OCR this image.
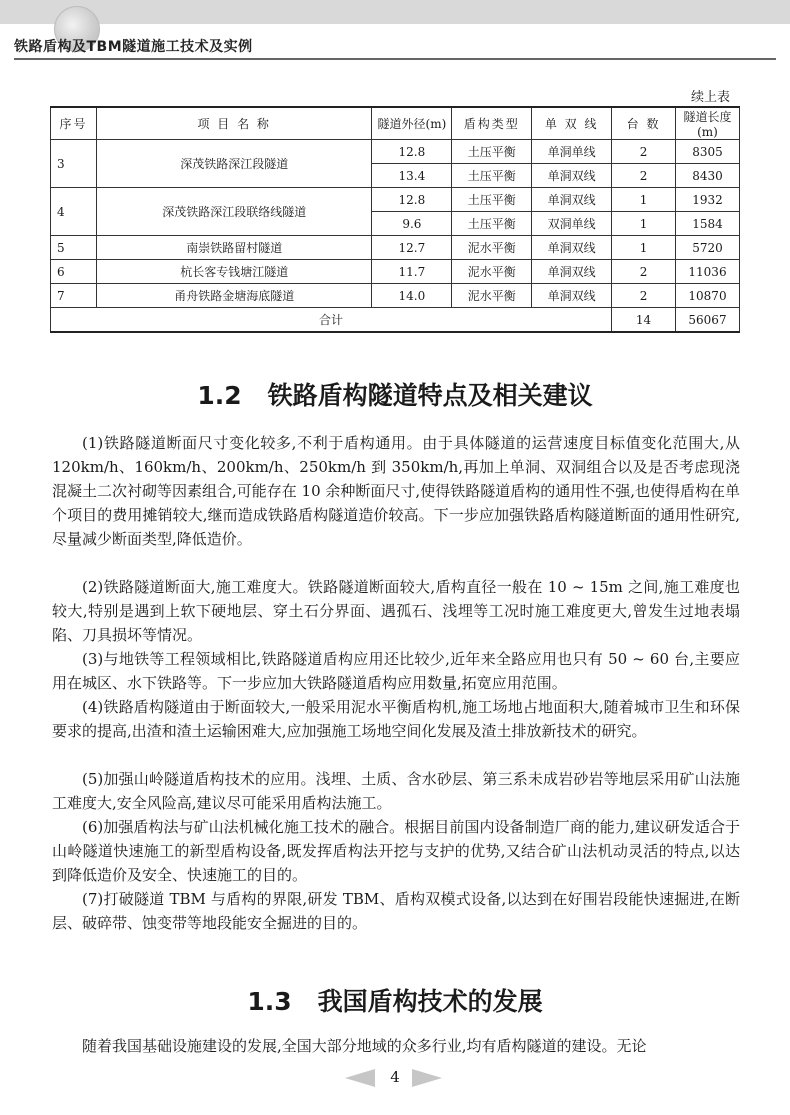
铁路盾构及TBM隧道施工技术及实例
续上表
序号	项 目 名 称	隧道外径(m)	盾构类型	单 双 线	台 数	隧道长度(m)
3	深茂铁路深江段隧道	12.8	土压平衡	单洞单线	2	8305
		13.4	土压平衡	单洞双线	2	8430
4	深茂铁路深江段联络线隧道	12.8	土压平衡	单洞双线	1	1932
		9.6	土压平衡	双洞单线	1	1584
5	南崇铁路留村隧道	12.7	泥水平衡	单洞双线	1	5720
6	杭长客专钱塘江隧道	11.7	泥水平衡	单洞双线	2	11036
7	甬舟铁路金塘海底隧道	14.0	泥水平衡	单洞双线	2	10870
合计					14	56067
1.2 铁路盾构隧道特点及相关建议

(1)铁路隧道断面尺寸变化较多,不利于盾构通用。由于具体隧道的运营速度目标值变化范围大,从 120km/h、160km/h、200km/h、250km/h 到 350km/h,再加上单洞、双洞组合以及是否考虑现浇混凝土二次衬砌等因素组合,可能存在 10 余种断面尺寸,使得铁路隧道盾构的通用性不强,也使得盾构在单个项目的费用摊销较大,继而造成铁路盾构隧道造价较高。下一步应加强铁路盾构隧道断面的通用性研究,尽量减少断面类型,降低造价。

(2)铁路隧道断面大,施工难度大。铁路隧道断面较大,盾构直径一般在 10 ~ 15m 之间,施工难度也较大,特别是遇到上软下硬地层、穿土石分界面、遇孤石、浅埋等工况时施工难度更大,曾发生过地表塌陷、刀具损坏等情况。

(3)与地铁等工程领域相比,铁路隧道盾构应用还比较少,近年来全路应用也只有 50 ~ 60 台,主要应用在城区、水下铁路等。下一步应加大铁路隧道盾构应用数量,拓宽应用范围。

(4)铁路盾构隧道由于断面较大,一般采用泥水平衡盾构机,施工场地占地面积大,随着城市卫生和环保要求的提高,出渣和渣土运输困难大,应加强施工场地空间化发展及渣土排放新技术的研究。

(5)加强山岭隧道盾构技术的应用。浅埋、土质、含水砂层、第三系未成岩砂岩等地层采用矿山法施工难度大,安全风险高,建议尽可能采用盾构法施工。

(6)加强盾构法与矿山法机械化施工技术的融合。根据目前国内设备制造厂商的能力,建议研发适合于山岭隧道快速施工的新型盾构设备,既发挥盾构法开挖与支护的优势,又结合矿山法机动灵活的特点,以达到降低造价及安全、快速施工的目的。

(7)打破隧道 TBM 与盾构的界限,研发 TBM、盾构双模式设备,以达到在好围岩段能快速掘进,在断层、破碎带、蚀变带等地段能安全掘进的目的。

1.3 我国盾构技术的发展

随着我国基础设施建设的发展,全国大部分地域的众多行业,均有盾构隧道的建设。无论

4
